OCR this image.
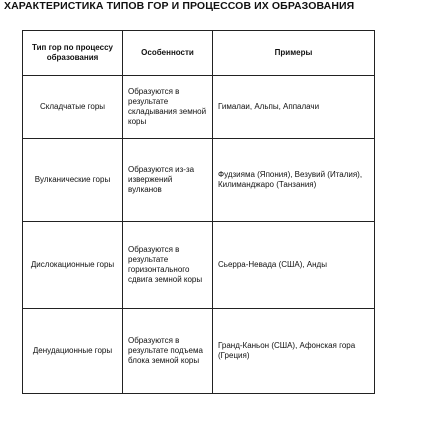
ХАРАКТЕРИСТИКА ТИПОВ ГОР И ПРОЦЕССОВ ИХ ОБРАЗОВАНИЯ
Тип гор по процессу образования	Особенности	Примеры
Складчатые горы	Образуются в результате складывания земной коры	Гималаи, Альпы, Аппалачи
Вулканические горы	Образуются из-за извержений вулканов	Фудзияма (Япония), Везувий (Италия), Килиманджаро (Танзания)
Дислокационные горы	Образуются в результате горизонтального сдвига земной коры	Сьерра-Невада (США), Анды
Денудационные горы	Образуются в результате подъема блока земной коры	Гранд-Каньон (США), Афонская гора (Греция)
